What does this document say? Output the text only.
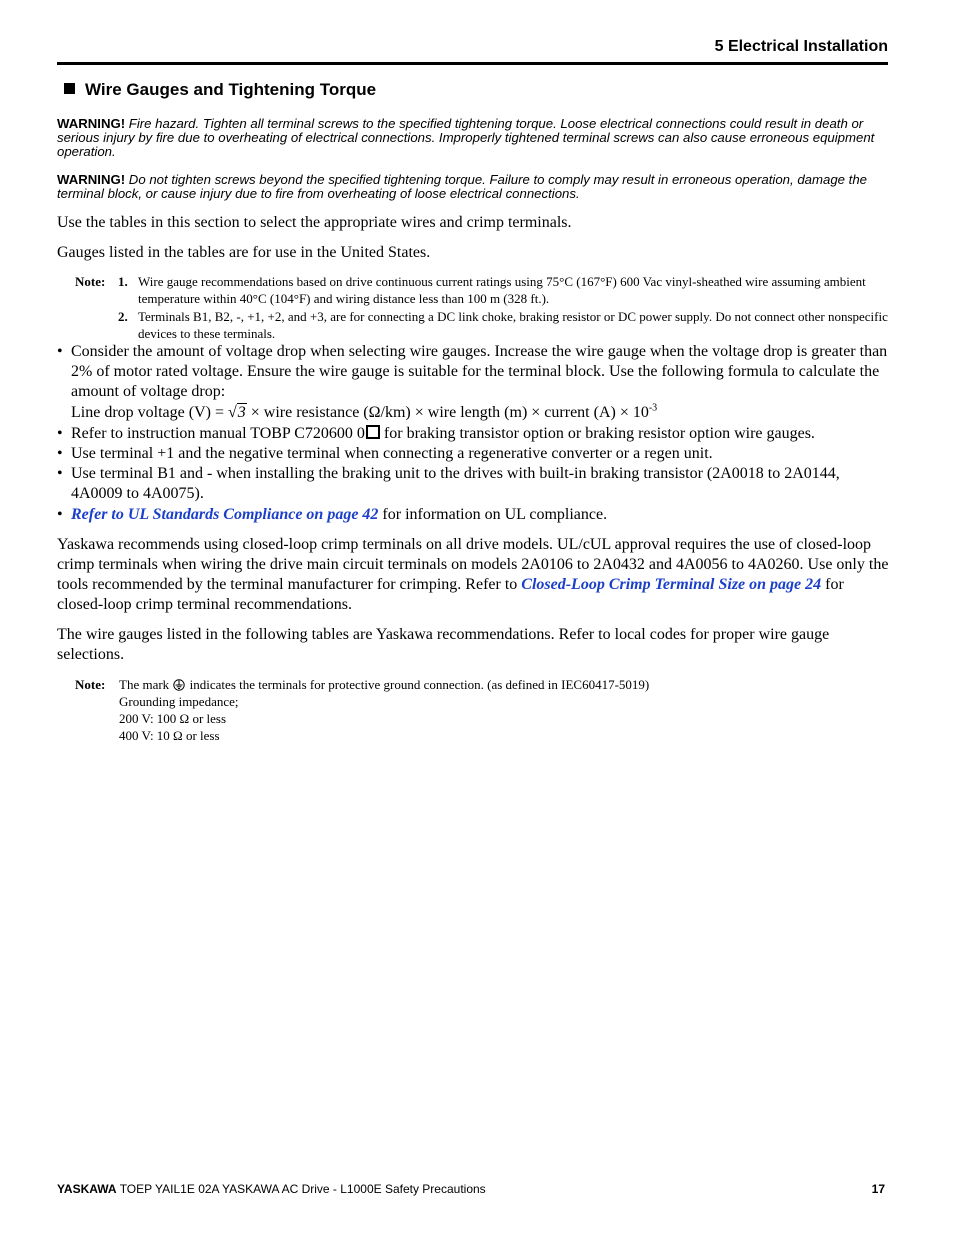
5 Electrical Installation
Wire Gauges and Tightening Torque
WARNING! Fire hazard. Tighten all terminal screws to the specified tightening torque. Loose electrical connections could result in death or serious injury by fire due to overheating of electrical connections. Improperly tightened terminal screws can also cause erroneous equipment operation.
WARNING! Do not tighten screws beyond the specified tightening torque. Failure to comply may result in erroneous operation, damage the terminal block, or cause injury due to fire from overheating of loose electrical connections.
Use the tables in this section to select the appropriate wires and crimp terminals.
Gauges listed in the tables are for use in the United States.
Note: 1. Wire gauge recommendations based on drive continuous current ratings using 75°C (167°F) 600 Vac vinyl-sheathed wire assuming ambient temperature within 40°C (104°F) and wiring distance less than 100 m (328 ft.).
2. Terminals B1, B2, -, +1, +2, and +3, are for connecting a DC link choke, braking resistor or DC power supply. Do not connect other nonspecific devices to these terminals.
• Consider the amount of voltage drop when selecting wire gauges. Increase the wire gauge when the voltage drop is greater than 2% of motor rated voltage. Ensure the wire gauge is suitable for the terminal block. Use the following formula to calculate the amount of voltage drop:
Line drop voltage (V) = √3 × wire resistance (Ω/km) × wire length (m) × current $(A) \times 10^{-3}$
• Refer to instruction manual TOBP C720600 0 for braking transistor option or braking resistor option wire gauges.
• Use terminal +1 and the negative terminal when connecting a regenerative converter or a regen unit.
• Use terminal B1 and - when installing the braking unit to the drives with built-in braking transistor (2A0018 to 2A0144, 4A0009 to 4A0075).
• Refer to UL Standards Compliance on page 42 for information on UL compliance.
Yaskawa recommends using closed-loop crimp terminals on all drive models. UL/cUL approval requires the use of closed-loop crimp terminals when wiring the drive main circuit terminals on models 2A0106 to 2A0432 and 4A0056 to 4A0260. Use only the tools recommended by the terminal manufacturer for crimping. Refer to Closed-Loop Crimp Terminal Size on page 24 for closed-loop crimp terminal recommendations.
The wire gauges listed in the following tables are Yaskawa recommendations. Refer to local codes for proper wire gauge selections.
Note: The mark  indicates the terminals for protective ground connection. (as defined in IEC60417-5019)
Grounding impedance;
200 V: 100 Ω or less
400 V: 10 Ω or less
YASKAWA TOEP YAIL1E 02A YASKAWA AC Drive - L1000E Safety Precautions	17
